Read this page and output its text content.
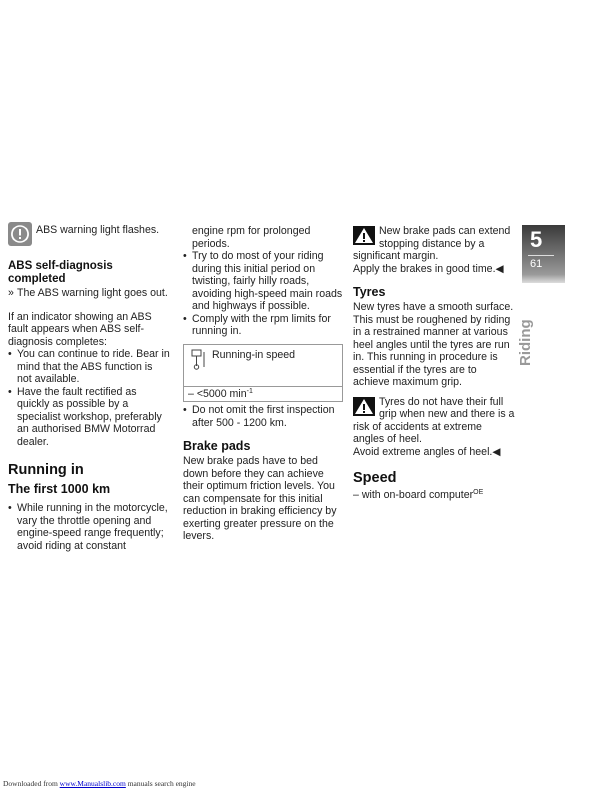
ABS warning light flashes.

ABS self-diagnosis completed

» The ABS warning light goes out.

If an indicator showing an ABS fault appears when ABS self-diagnosis completes:

• You can continue to ride. Bear in mind that the ABS function is not available.
• Have the fault rectified as quickly as possible by a specialist workshop, preferably an authorised BMW Motorrad dealer.

Running in

The first 1000 km

• While running in the motorcycle, vary the throttle opening and engine-speed range frequently; avoid riding at constant

engine rpm for prolonged periods.

• Try to do most of your riding during this initial period on twisting, fairly hilly roads, avoiding high-speed main roads and highways if possible.
• Comply with the rpm limits for running in.
Running-in speed
– <5000 $\min^{-1}$
• Do not omit the first inspection after 500 - 1200 km.

Brake pads

New brake pads have to bed down before they can achieve their optimum friction levels. You can compensate for this initial reduction in braking efficiency by exerting greater pressure on the levers.

New brake pads can extend stopping distance by a significant margin.

Apply the brakes in good time.◀

Tyres

New tyres have a smooth surface. This must be roughened by riding in a restrained manner at various heel angles until the tyres are run in. This running in procedure is essential if the tyres are to achieve maximum grip.

Tyres do not have their full grip when new and there is a risk of accidents at extreme angles of heel.

Avoid extreme angles of heel.◀

Speed

– with on-board computer$^{OE}$

5
61
Riding
Downloaded from www.Manualslib.com manuals search engine
